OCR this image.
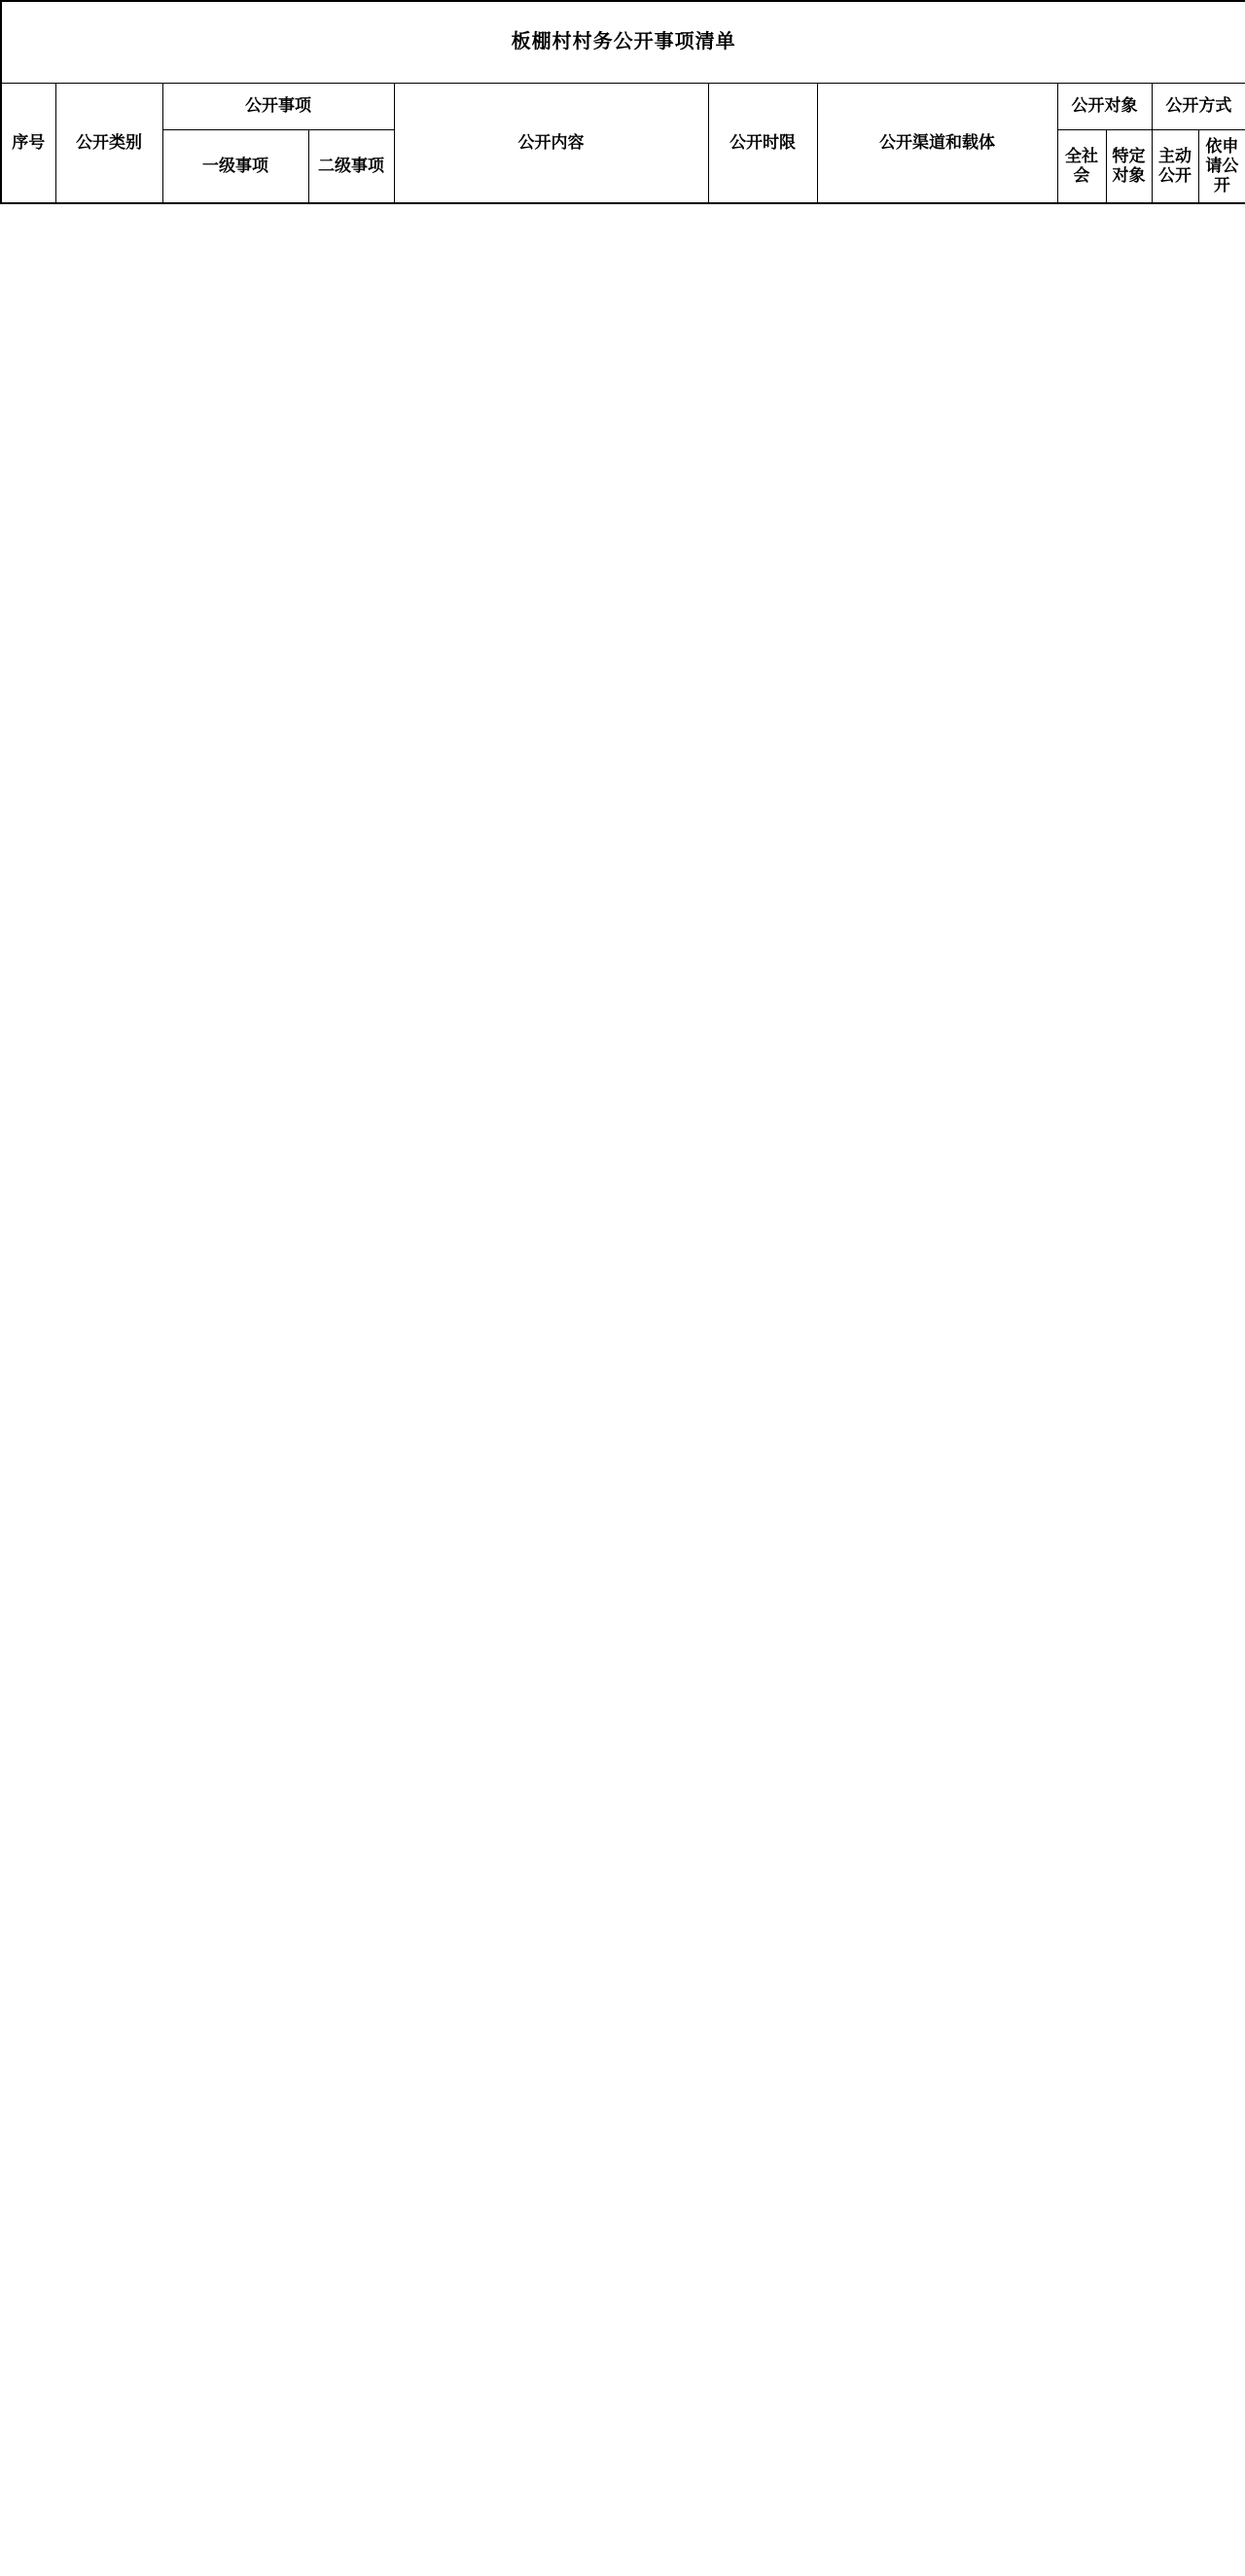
板棚村村务公开事项清单										
序号	公开类别	公开事项		公开内容	公开时限	公开渠道和载体	公开对象		公开方式	
		一级事项	二级事项				全社会	特定对象	主动公开	依申请公开
